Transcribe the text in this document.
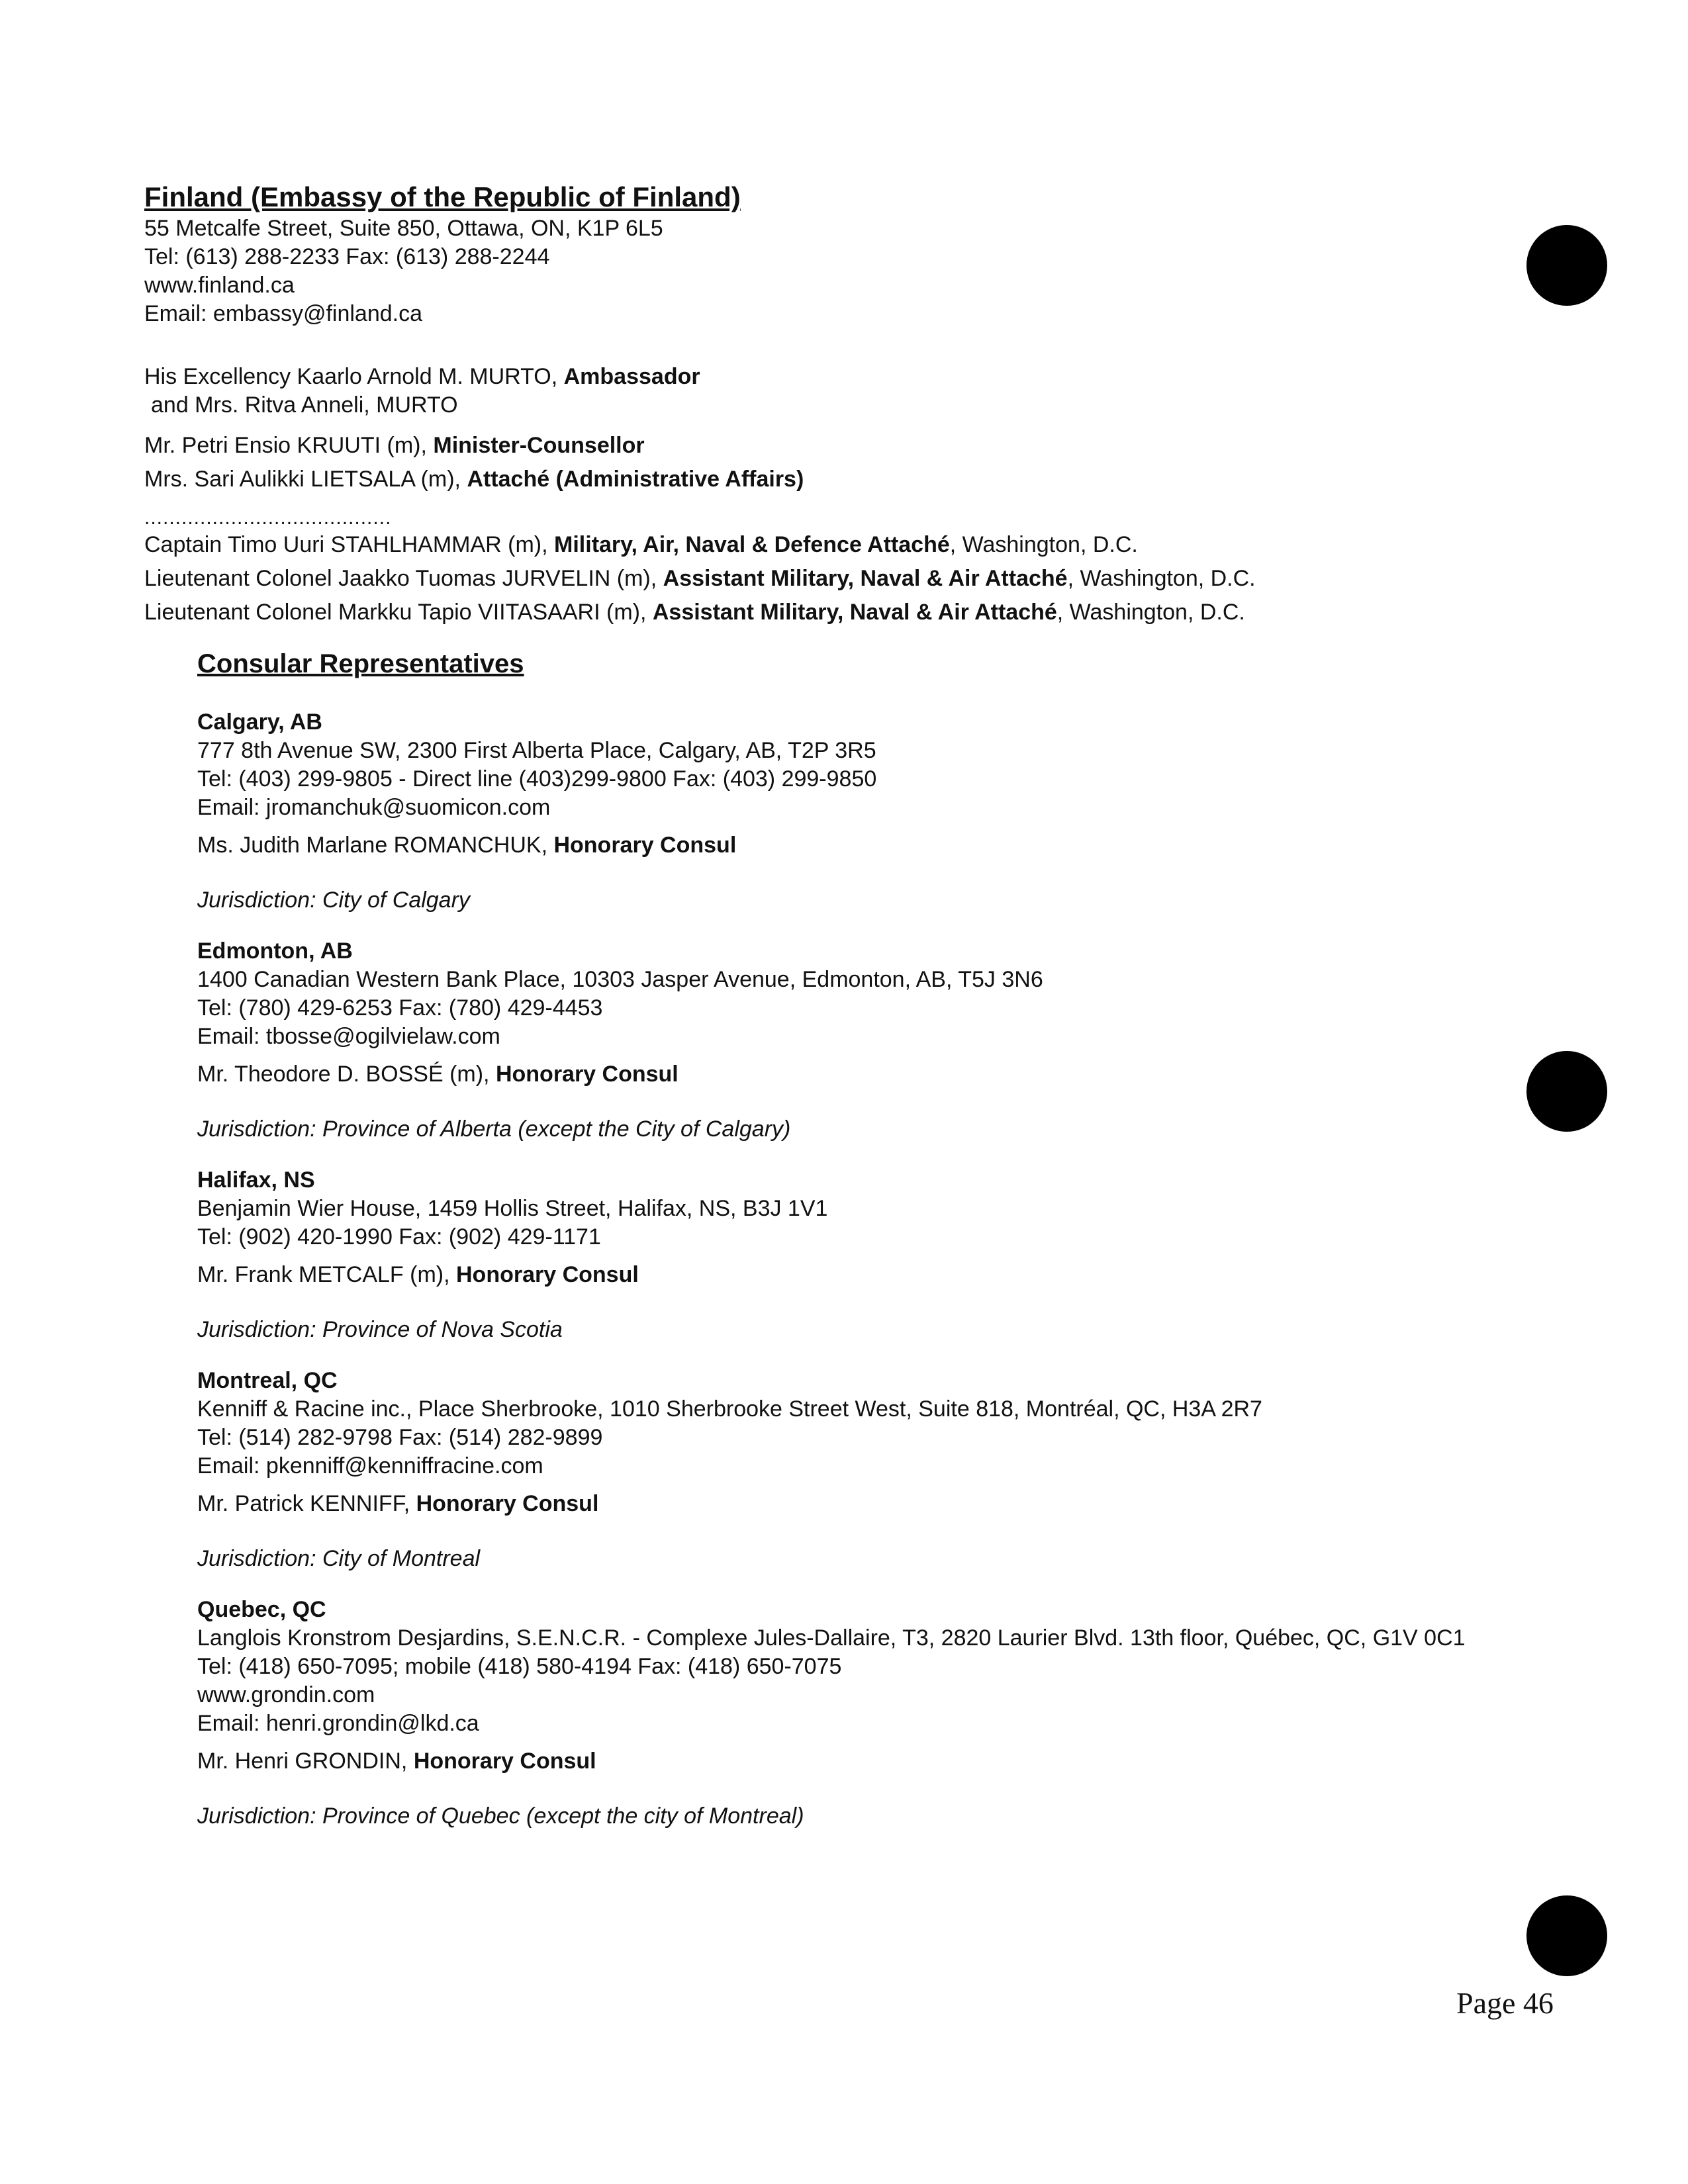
Finland (Embassy of the Republic of Finland)
55 Metcalfe Street, Suite 850, Ottawa, ON, K1P 6L5
Tel: (613) 288-2233 Fax: (613) 288-2244
www.finland.ca
Email: embassy@finland.ca
His Excellency Kaarlo Arnold M. MURTO, Ambassador
and Mrs. Ritva Anneli, MURTO
Mr. Petri Ensio KRUUTI (m), Minister-Counsellor
Mrs. Sari Aulikki LIETSALA (m), Attaché (Administrative Affairs)
........................................
Captain Timo Uuri STAHLHAMMAR (m), Military, Air, Naval & Defence Attaché, Washington, D.C.
Lieutenant Colonel Jaakko Tuomas JURVELIN (m), Assistant Military, Naval & Air Attaché, Washington, D.C.
Lieutenant Colonel Markku Tapio VIITASAARI (m), Assistant Military, Naval & Air Attaché, Washington, D.C.
Consular Representatives
Calgary, AB
777 8th Avenue SW, 2300 First Alberta Place, Calgary, AB, T2P 3R5
Tel: (403) 299-9805 - Direct line (403)299-9800 Fax: (403) 299-9850
Email: jromanchuk@suomicon.com
Ms. Judith Marlane ROMANCHUK, Honorary Consul
Jurisdiction: City of Calgary
Edmonton, AB
1400 Canadian Western Bank Place, 10303 Jasper Avenue, Edmonton, AB, T5J 3N6
Tel: (780) 429-6253 Fax: (780) 429-4453
Email: tbosse@ogilvielaw.com
Mr. Theodore D. BOSSÉ (m), Honorary Consul
Jurisdiction: Province of Alberta (except the City of Calgary)
Halifax, NS
Benjamin Wier House, 1459 Hollis Street, Halifax, NS, B3J 1V1
Tel: (902) 420-1990 Fax: (902) 429-1171
Mr. Frank METCALF (m), Honorary Consul
Jurisdiction: Province of Nova Scotia
Montreal, QC
Kenniff & Racine inc., Place Sherbrooke, 1010 Sherbrooke Street West, Suite 818, Montréal, QC, H3A 2R7
Tel: (514) 282-9798 Fax: (514) 282-9899
Email: pkenniff@kenniffracine.com
Mr. Patrick KENNIFF, Honorary Consul
Jurisdiction: City of Montreal
Quebec, QC
Langlois Kronstrom Desjardins, S.E.N.C.R. - Complexe Jules-Dallaire, T3, 2820 Laurier Blvd. 13th floor, Québec, QC, G1V 0C1
Tel: (418) 650-7095; mobile (418) 580-4194 Fax: (418) 650-7075
www.grondin.com
Email: henri.grondin@lkd.ca
Mr. Henri GRONDIN, Honorary Consul
Jurisdiction: Province of Quebec (except the city of Montreal)
Page 46
